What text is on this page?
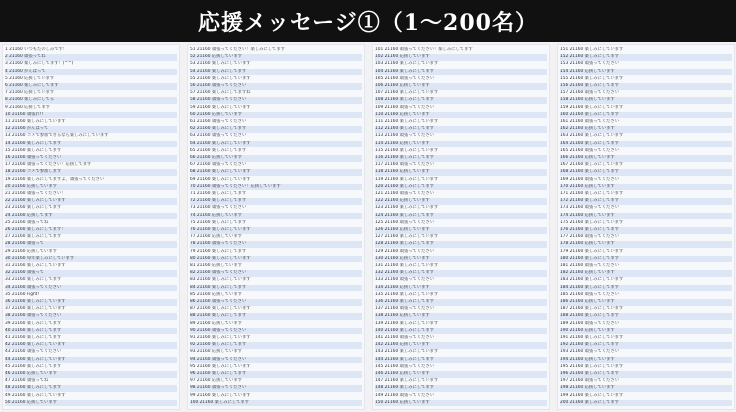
応援メッセージ①（1～200名）
1 21160 いつもたのしみです！
2 21160 頑張ってね
3 21160 楽しみにしてます！(^^)
4 21160 がんばって
5 21160 応援しています
6 21160 楽しみにしてます
7 21160 応援しています
8 21160 楽しみにしてる
9 21160 応援してます
10 21160 頑張れ!!
11 21160 楽しみにしています
12 21160 がんばって
13 21160 コメで参加できるなら楽しみにしています
14 21160 楽しみにしてます
15 21160 楽しみにしてます
16 21160 頑張ってください
17 21160 頑張ってください！応援してます
18 21160 コメで参加します
19 21160 楽しみにしてますよ、頑張ってください
20 21160 応援しています
21 21160 頑張ってください！
22 21160 楽しみにしています
23 21160 楽しみにしてます
24 21160 応援してます
25 21160 頑張ってね
26 21160 楽しみにしてます！
27 21160 楽しみにしてます
28 21160 頑張って
29 21160 応援しています
30 21160 毎年楽しみにしています
31 21160 楽しみにしています
32 21160 頑張って
33 21160 楽しみにしてます
34 21160 頑張ってください
35 21160 Fight!
36 21160 楽しみにしています
37 21160 楽しみにしています
38 21160 頑張ってください
39 21160 楽しみにしてます
40 21160 楽しみにしてます
41 21160 楽しみにしてます
42 21160 楽しみにしています
43 21160 頑張ってください
44 21160 楽しみにしています
45 21160 楽しみにしてます
46 21160 応援しています
47 21160 頑張ってね
48 21160 楽しみにしてます
49 21160 楽しみにしています
50 21160 応援しています
51 21160 頑張ってください！楽しみにしてます
52 21160 応援しています
53 21160 楽しみにしています
54 21160 楽しみにしてます
55 21160 楽しみにしています
56 21160 頑張ってください
57 21160 楽しみにしてますね
58 21160 頑張ってください
59 21160 楽しみにしています
60 21160 応援しています
61 21160 頑張ってください
62 21160 楽しみにしてます
63 21160 頑張ってください
64 21160 楽しみにしています
65 21160 楽しみにしてます
66 21160 応援しています
67 21160 頑張ってください
68 21160 楽しみにしています
69 21160 楽しみにしています
70 21160 頑張ってください！応援しています
71 21160 楽しみにしてます
72 21160 楽しみにしてます
73 21160 頑張ってください
74 21160 応援しています
75 21160 楽しみにしてます
76 21160 楽しみにしています
77 21160 応援しています
78 21160 頑張ってください
79 21160 楽しみにしてます
80 21160 楽しみにしています
81 21160 応援しています
82 21160 頑張ってください
83 21160 楽しみにしています
84 21160 楽しみにしてます
85 21160 応援しています
86 21160 頑張ってください
87 21160 楽しみにしています
88 21160 楽しみにしてます
89 21160 応援しています
90 21160 頑張ってください
91 21160 楽しみにしています
92 21160 楽しみにしてます
93 21160 応援しています
94 21160 頑張ってください
95 21160 楽しみにしています
96 21160 楽しみにしてます
97 21160 応援しています
98 21160 頑張ってください
99 21160 楽しみにしています
100 21160 楽しみにしてます
101 21160 頑張ってください！楽しみにしてます
102 21160 応援しています
103 21160 楽しみにしています
104 21160 楽しみにしてます
105 21160 頑張ってください
106 21160 応援しています
107 21160 楽しみにしています
108 21160 楽しみにしてます
109 21160 頑張ってください
110 21160 応援しています
111 21160 楽しみにしています
112 21160 楽しみにしてます
113 21160 頑張ってください
114 21160 応援しています
115 21160 楽しみにしています
116 21160 楽しみにしてます
117 21160 頑張ってください
118 21160 応援しています
119 21160 楽しみにしています
120 21160 楽しみにしてます
121 21160 頑張ってください
122 21160 応援しています
123 21160 楽しみにしています
124 21160 楽しみにしてます
125 21160 頑張ってください
126 21160 応援しています
127 21160 楽しみにしています
128 21160 楽しみにしてます
129 21160 頑張ってください
130 21160 応援しています
131 21160 楽しみにしています
132 21160 楽しみにしてます
133 21160 頑張ってください
134 21160 応援しています
135 21160 楽しみにしています
136 21160 楽しみにしてます
137 21160 頑張ってください
138 21160 応援しています
139 21160 楽しみにしています
140 21160 楽しみにしてます
141 21160 頑張ってください
142 21160 応援しています
143 21160 楽しみにしています
144 21160 楽しみにしてます
145 21160 頑張ってください
146 21160 応援しています
147 21160 楽しみにしています
148 21160 楽しみにしてます
149 21160 頑張ってください
150 21160 応援しています
151 21160 楽しみにしています
152 21160 楽しみにしてます
153 21160 頑張ってください
154 21160 応援しています
155 21160 楽しみにしています
156 21160 楽しみにしてます
157 21160 頑張ってください
158 21160 応援しています
159 21160 楽しみにしています
160 21160 楽しみにしてます
161 21160 頑張ってください
162 21160 応援しています
163 21160 楽しみにしています
164 21160 楽しみにしてます
165 21160 頑張ってください
166 21160 応援しています
167 21160 楽しみにしています
168 21160 楽しみにしてます
169 21160 頑張ってください
170 21160 応援しています
171 21160 楽しみにしています
172 21160 楽しみにしてます
173 21160 頑張ってください
174 21160 応援しています
175 21160 楽しみにしています
176 21160 楽しみにしてます
177 21160 頑張ってください
178 21160 応援しています
179 21160 楽しみにしています
180 21160 楽しみにしてます
181 21160 頑張ってください
182 21160 応援しています
183 21160 楽しみにしています
184 21160 楽しみにしてます
185 21160 頑張ってください
186 21160 応援しています
187 21160 楽しみにしています
188 21160 楽しみにしてます
189 21160 頑張ってください
190 21160 応援しています
191 21160 楽しみにしています
192 21160 楽しみにしてます
193 21160 頑張ってください
194 21160 応援しています
195 21160 楽しみにしています
196 21160 楽しみにしてます
197 21160 頑張ってください
198 21160 応援しています
199 21160 楽しみにしています
200 21160 楽しみにしてます
